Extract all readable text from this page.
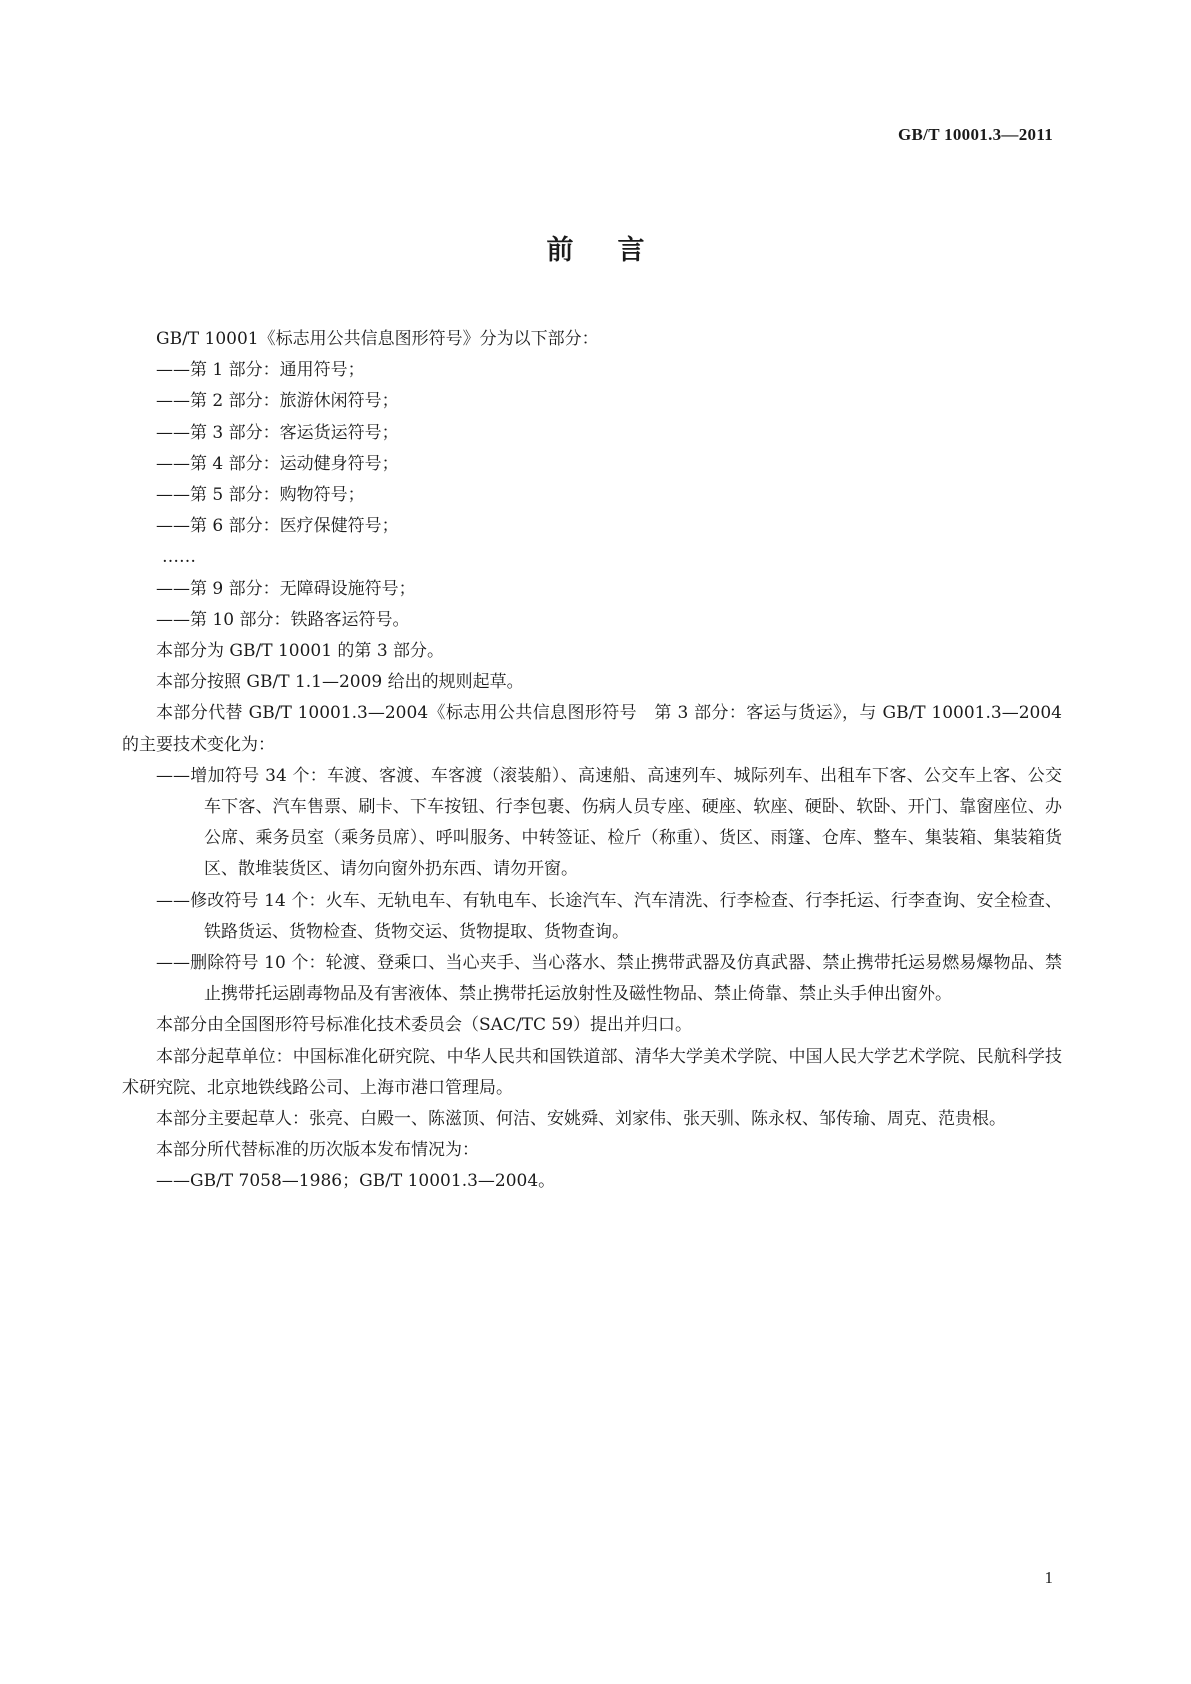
GB/T 10001.3—2011
前言

GB/T 10001《标志用公共信息图形符号》分为以下部分：

——第 1 部分：通用符号；

——第 2 部分：旅游休闲符号；

——第 3 部分：客运货运符号；

——第 4 部分：运动健身符号；

——第 5 部分：购物符号；

——第 6 部分：医疗保健符号；

……

——第 9 部分：无障碍设施符号；

——第 10 部分：铁路客运符号。

本部分为 GB/T 10001 的第 3 部分。

本部分按照 GB/T 1.1—2009 给出的规则起草。

本部分代替 GB/T 10001.3—2004《标志用公共信息图形符号　第 3 部分：客运与货运》，与 GB/T 10001.3—2004 的主要技术变化为：

——增加符号 34 个：车渡、客渡、车客渡（滚装船）、高速船、高速列车、城际列车、出租车下客、公交车上客、公交车下客、汽车售票、刷卡、下车按钮、行李包裹、伤病人员专座、硬座、软座、硬卧、软卧、开门、靠窗座位、办公席、乘务员室（乘务员席）、呼叫服务、中转签证、检斤（称重）、货区、雨篷、仓库、整车、集装箱、集装箱货区、散堆装货区、请勿向窗外扔东西、请勿开窗。

——修改符号 14 个：火车、无轨电车、有轨电车、长途汽车、汽车清洗、行李检查、行李托运、行李查询、安全检查、铁路货运、货物检查、货物交运、货物提取、货物查询。

——删除符号 10 个：轮渡、登乘口、当心夹手、当心落水、禁止携带武器及仿真武器、禁止携带托运易燃易爆物品、禁止携带托运剧毒物品及有害液体、禁止携带托运放射性及磁性物品、禁止倚靠、禁止头手伸出窗外。

本部分由全国图形符号标准化技术委员会（SAC/TC 59）提出并归口。

本部分起草单位：中国标准化研究院、中华人民共和国铁道部、清华大学美术学院、中国人民大学艺术学院、民航科学技术研究院、北京地铁线路公司、上海市港口管理局。

本部分主要起草人：张亮、白殿一、陈滋顶、何洁、安姚舜、刘家伟、张天驯、陈永权、邹传瑜、周克、范贵根。

本部分所代替标准的历次版本发布情况为：

——GB/T 7058—1986；GB/T 10001.3—2004。

1
